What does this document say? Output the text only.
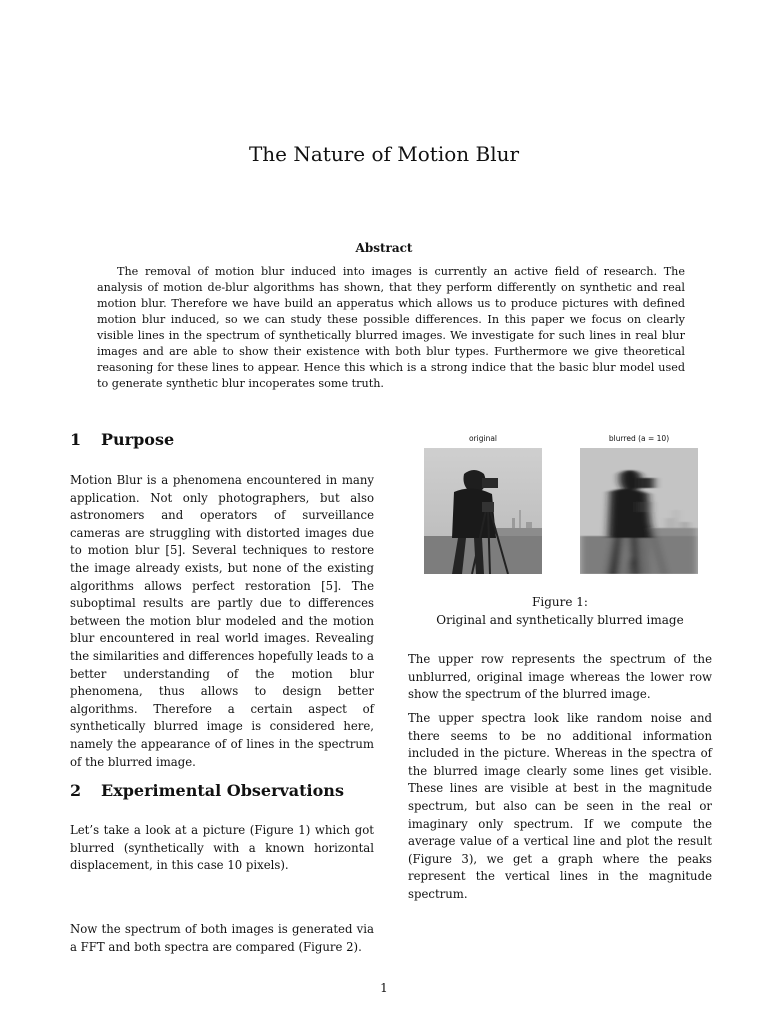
The Nature of Motion Blur
Abstract

The removal of motion blur induced into images is currently an active field of research. The analysis of motion de-blur algorithms has shown, that they perform differently on synthetic and real motion blur. Therefore we have build an apperatus which allows us to produce pictures with defined motion blur induced, so we can study these possible differences. In this paper we focus on clearly visible lines in the spectrum of synthetically blurred images. We investigate for such lines in real blur images and are able to show their existence with both blur types. Furthermore we give theoretical reasoning for these lines to appear. Hence this which is a strong indice that the basic blur model used to generate synthetic blur incoperates some truth.

1 Purpose

Motion Blur is a phenomena encountered in many application. Not only photographers, but also astronomers and operators of surveillance cameras are struggling with distorted images due to motion blur [5]. Several techniques to restore the image already exists, but none of the existing algorithms allows perfect restoration [5]. The suboptimal results are partly due to differences between the motion blur modeled and the motion blur encountered in real world images. Revealing the similarities and differences hopefully leads to a better understanding of the motion blur phenomena, thus allows to design better algorithms. Therefore a certain aspect of synthetically blurred image is considered here, namely the appearance of of lines in the spectrum of the blurred image.

2 Experimental Observations

Let’s take a look at a picture (Figure 1) which got blurred (synthetically with a known horizontal displacement, in this case 10 pixels).

Now the spectrum of both images is generated via a FFT and both spectra are compared (Figure 2).

original	blurred (a = 10)
Figure 1:
Original and synthetically blurred image

The upper row represents the spectrum of the unblurred, original image whereas the lower row show the spectrum of the blurred image.

The upper spectra look like random noise and there seems to be no additional information included in the picture. Whereas in the spectra of the blurred image clearly some lines get visible. These lines are visible at best in the magnitude spectrum, but also can be seen in the real or imaginary only spectrum. If we compute the average value of a vertical line and plot the result (Figure 3), we get a graph where the peaks represent the vertical lines in the magnitude spectrum.

1
